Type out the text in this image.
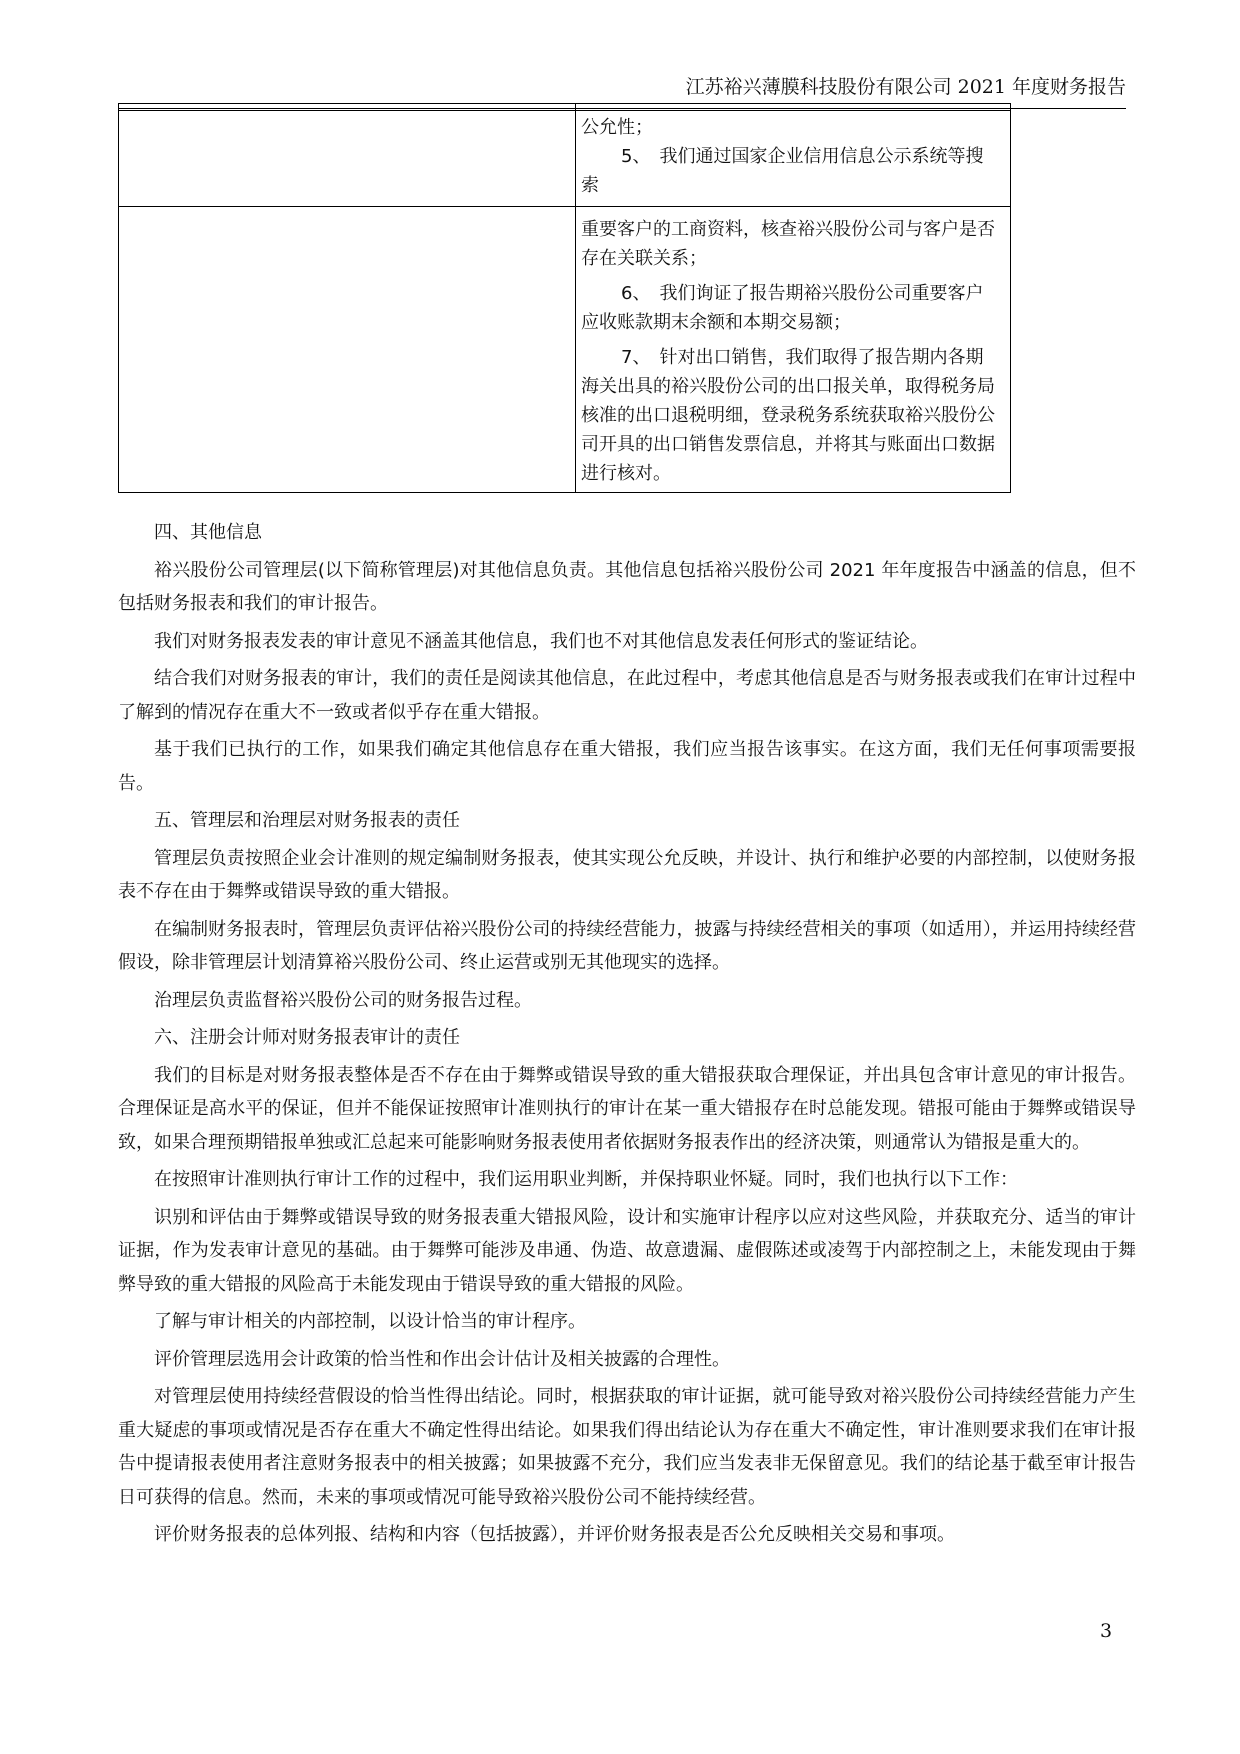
江苏裕兴薄膜科技股份有限公司 2021 年度财务报告

	公允性；

5、　我们通过国家企业信用信息公示系统等搜索

	重要客户的工商资料，核查裕兴股份公司与客户是否存在关联关系；

6、　我们询证了报告期裕兴股份公司重要客户应收账款期末余额和本期交易额；

7、　针对出口销售，我们取得了报告期内各期海关出具的裕兴股份公司的出口报关单，取得税务局核准的出口退税明细，登录税务系统获取裕兴股份公司开具的出口销售发票信息，并将其与账面出口数据进行核对。

四、其他信息

裕兴股份公司管理层(以下简称管理层)对其他信息负责。其他信息包括裕兴股份公司 2021 年年度报告中涵盖的信息，但不包括财务报表和我们的审计报告。

我们对财务报表发表的审计意见不涵盖其他信息，我们也不对其他信息发表任何形式的鉴证结论。

结合我们对财务报表的审计，我们的责任是阅读其他信息，在此过程中，考虑其他信息是否与财务报表或我们在审计过程中了解到的情况存在重大不一致或者似乎存在重大错报。

基于我们已执行的工作，如果我们确定其他信息存在重大错报，我们应当报告该事实。在这方面，我们无任何事项需要报告。

五、管理层和治理层对财务报表的责任

管理层负责按照企业会计准则的规定编制财务报表，使其实现公允反映，并设计、执行和维护必要的内部控制，以使财务报表不存在由于舞弊或错误导致的重大错报。

在编制财务报表时，管理层负责评估裕兴股份公司的持续经营能力，披露与持续经营相关的事项（如适用），并运用持续经营假设，除非管理层计划清算裕兴股份公司、终止运营或别无其他现实的选择。

治理层负责监督裕兴股份公司的财务报告过程。

六、注册会计师对财务报表审计的责任

我们的目标是对财务报表整体是否不存在由于舞弊或错误导致的重大错报获取合理保证，并出具包含审计意见的审计报告。合理保证是高水平的保证，但并不能保证按照审计准则执行的审计在某一重大错报存在时总能发现。错报可能由于舞弊或错误导致，如果合理预期错报单独或汇总起来可能影响财务报表使用者依据财务报表作出的经济决策，则通常认为错报是重大的。

在按照审计准则执行审计工作的过程中，我们运用职业判断，并保持职业怀疑。同时，我们也执行以下工作：

识别和评估由于舞弊或错误导致的财务报表重大错报风险，设计和实施审计程序以应对这些风险，并获取充分、适当的审计证据，作为发表审计意见的基础。由于舞弊可能涉及串通、伪造、故意遗漏、虚假陈述或凌驾于内部控制之上，未能发现由于舞弊导致的重大错报的风险高于未能发现由于错误导致的重大错报的风险。

了解与审计相关的内部控制，以设计恰当的审计程序。

评价管理层选用会计政策的恰当性和作出会计估计及相关披露的合理性。

对管理层使用持续经营假设的恰当性得出结论。同时，根据获取的审计证据，就可能导致对裕兴股份公司持续经营能力产生重大疑虑的事项或情况是否存在重大不确定性得出结论。如果我们得出结论认为存在重大不确定性，审计准则要求我们在审计报告中提请报表使用者注意财务报表中的相关披露；如果披露不充分，我们应当发表非无保留意见。我们的结论基于截至审计报告日可获得的信息。然而，未来的事项或情况可能导致裕兴股份公司不能持续经营。

评价财务报表的总体列报、结构和内容（包括披露），并评价财务报表是否公允反映相关交易和事项。

3
